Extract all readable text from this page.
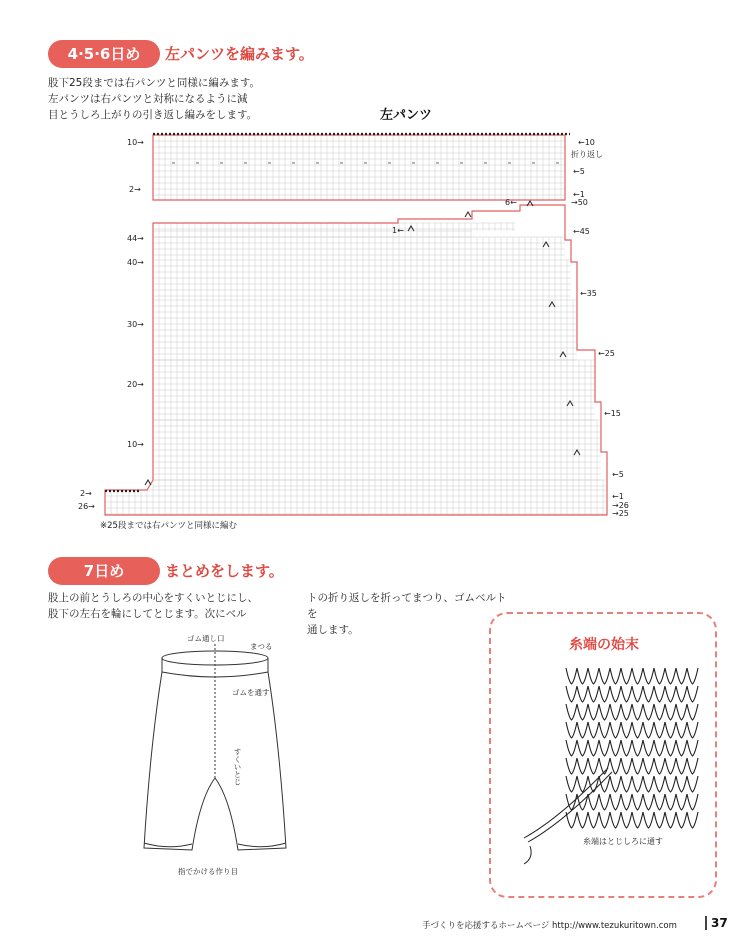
4·5·6日め	左パンツを編みます。
股下25段までは右パンツと同様に編みます。
左パンツは右パンツと対称になるように減
目とうしろ上がりの引き返し編みをします。	左パンツ
10→
2→
44→
40→
30→
20→
10→
2→
26→
←10
折り返し
←5
←1
→50
←45
←35
←25
←15
←5
←1
→26
→25
6←
1←
※25段までは右パンツと同様に編む
7日め	まとめをします。
股上の前とうしろの中心をすくいとじにし、
股下の左右を輪にしてとじます。次にベル
トの折り返しを折ってまつり、ゴムベルトを
通します。
ゴム通し口
まつる
ゴムを通す
すくいとじ
指でかける作り目
糸端の始末
糸端はとじしろに通す
手づくりを応援するホームページ http://www.tezukuritown.com	37
